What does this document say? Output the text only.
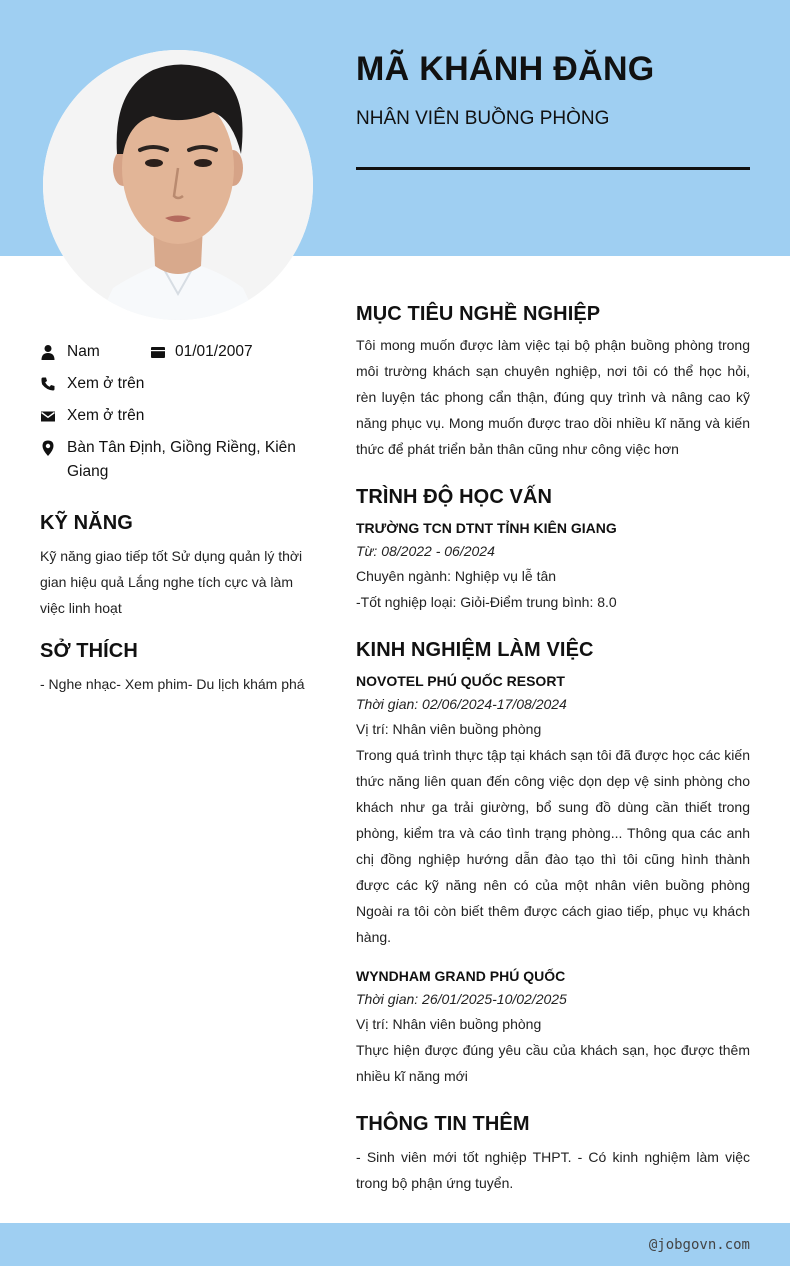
MÃ KHÁNH ĐĂNG
NHÂN VIÊN BUỒNG PHÒNG
Nam	01/01/2007
Xem ở trên
Xem ở trên
Bàn Tân Định, Giồng Riềng, Kiên Giang
KỸ NĂNG
Kỹ năng giao tiếp tốt Sử dụng quản lý thời gian hiệu quả Lắng nghe tích cực và làm việc linh hoạt
SỞ THÍCH
- Nghe nhạc- Xem phim- Du lịch khám phá
MỤC TIÊU NGHỀ NGHIỆP
Tôi mong muốn được làm việc tại bộ phận buồng phòng trong môi trường khách sạn chuyên nghiệp, nơi tôi có thể học hỏi, rèn luyện tác phong cẩn thận, đúng quy trình và nâng cao kỹ năng phục vụ. Mong muốn được trao dồi nhiều kĩ năng và kiến thức để phát triển bản thân cũng như công việc hơn
TRÌNH ĐỘ HỌC VẤN
TRƯỜNG TCN DTNT TỈNH KIÊN GIANG
Từ: 08/2022 - 06/2024
Chuyên ngành: Nghiệp vụ lễ tân
-Tốt nghiệp loại: Giỏi-Điểm trung bình: 8.0
KINH NGHIỆM LÀM VIỆC
NOVOTEL PHÚ QUỐC RESORT
Thời gian: 02/06/2024-17/08/2024
Vị trí: Nhân viên buồng phòng
Trong quá trình thực tập tại khách sạn tôi đã được học các kiến thức năng liên quan đến công việc dọn dẹp vệ sinh phòng cho khách như ga trải giường, bổ sung đồ dùng cần thiết trong phòng, kiểm tra và cáo tình trạng phòng... Thông qua các anh chị đồng nghiệp hướng dẫn đào tạo thì tôi cũng hình thành được các kỹ năng nên có của một nhân viên buồng phòng Ngoài ra tôi còn biết thêm được cách giao tiếp, phục vụ khách hàng.
WYNDHAM GRAND PHÚ QUỐC
Thời gian: 26/01/2025-10/02/2025
Vị trí: Nhân viên buồng phòng
Thực hiện được đúng yêu cầu của khách sạn, học được thêm nhiều kĩ năng mới
THÔNG TIN THÊM
- Sinh viên mới tốt nghiệp THPT. - Có kinh nghiệm làm việc trong bộ phận ứng tuyển.
@jobgovn.com
